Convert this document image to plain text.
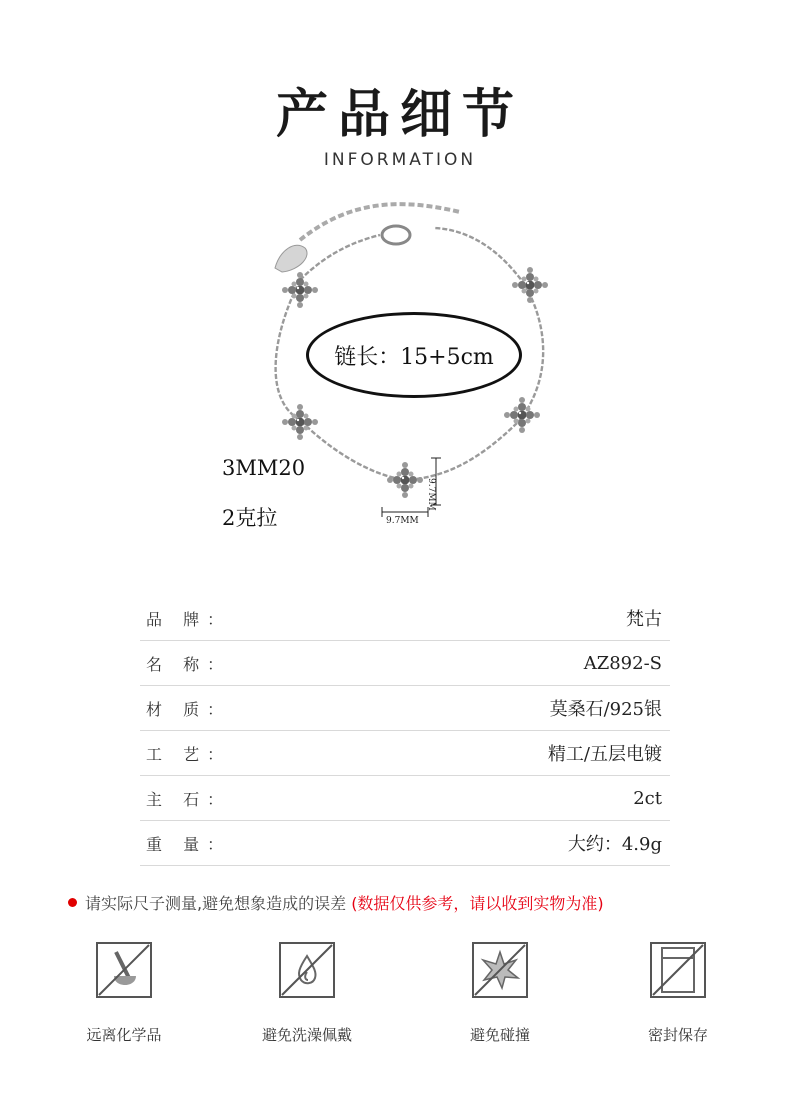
产品细节
INFORMATION
链长：15+5cm
3MM20
2克拉
9.7MM
9.7MM
品 牌：	梵古
名 称：	AZ892-S
材 质：	莫桑石/925银
工 艺：	精工/五层电镀
主 石：	2ct
重 量：	大约：4.9g
请实际尺子测量,避免想象造成的误差 (数据仅供参考，请以收到实物为准)
远离化学品	避免洗澡佩戴	避免碰撞	密封保存
